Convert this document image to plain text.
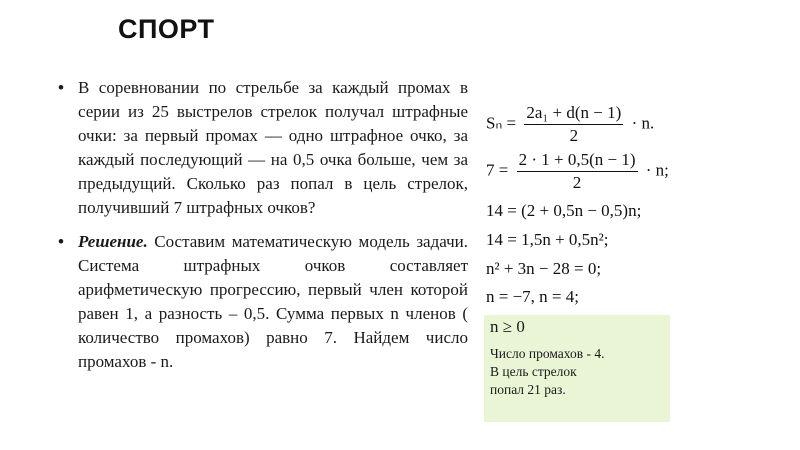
СПОРТ

• В соревновании по стрельбе за каждый промах в серии из 25 выстрелов стрелок получал штрафные очки: за первый промах — одно штрафное очко, за каждый последующий — на 0,5 очка больше, чем за предыдущий. Сколько раз попал в цель стрелок, получивший 7 штрафных очков?

• Решение. Составим математическую модель задачи. Система штрафных очков составляет арифметическую прогрессию, первый член которой равен 1, а разность – 0,5. Сумма первых n членов ( количество промахов) равно 7. Найдем число промахов - n.

$S_n = \frac{\text{2a₁ + d(n − 1)}}{2} \cdot n$.
$7 = \frac{2 \cdot 1 + 0,5(n - 1)}{2} \cdot n$;
14 = (2 + 0,5n − 0,5)n;
14 = 1,5n + 0,5n²;
n² + 3n − 28 = 0;
n = −7, n = 4;
n ≥ 0
Число промахов - 4.
В цель стрелок
попал 21 раз.
